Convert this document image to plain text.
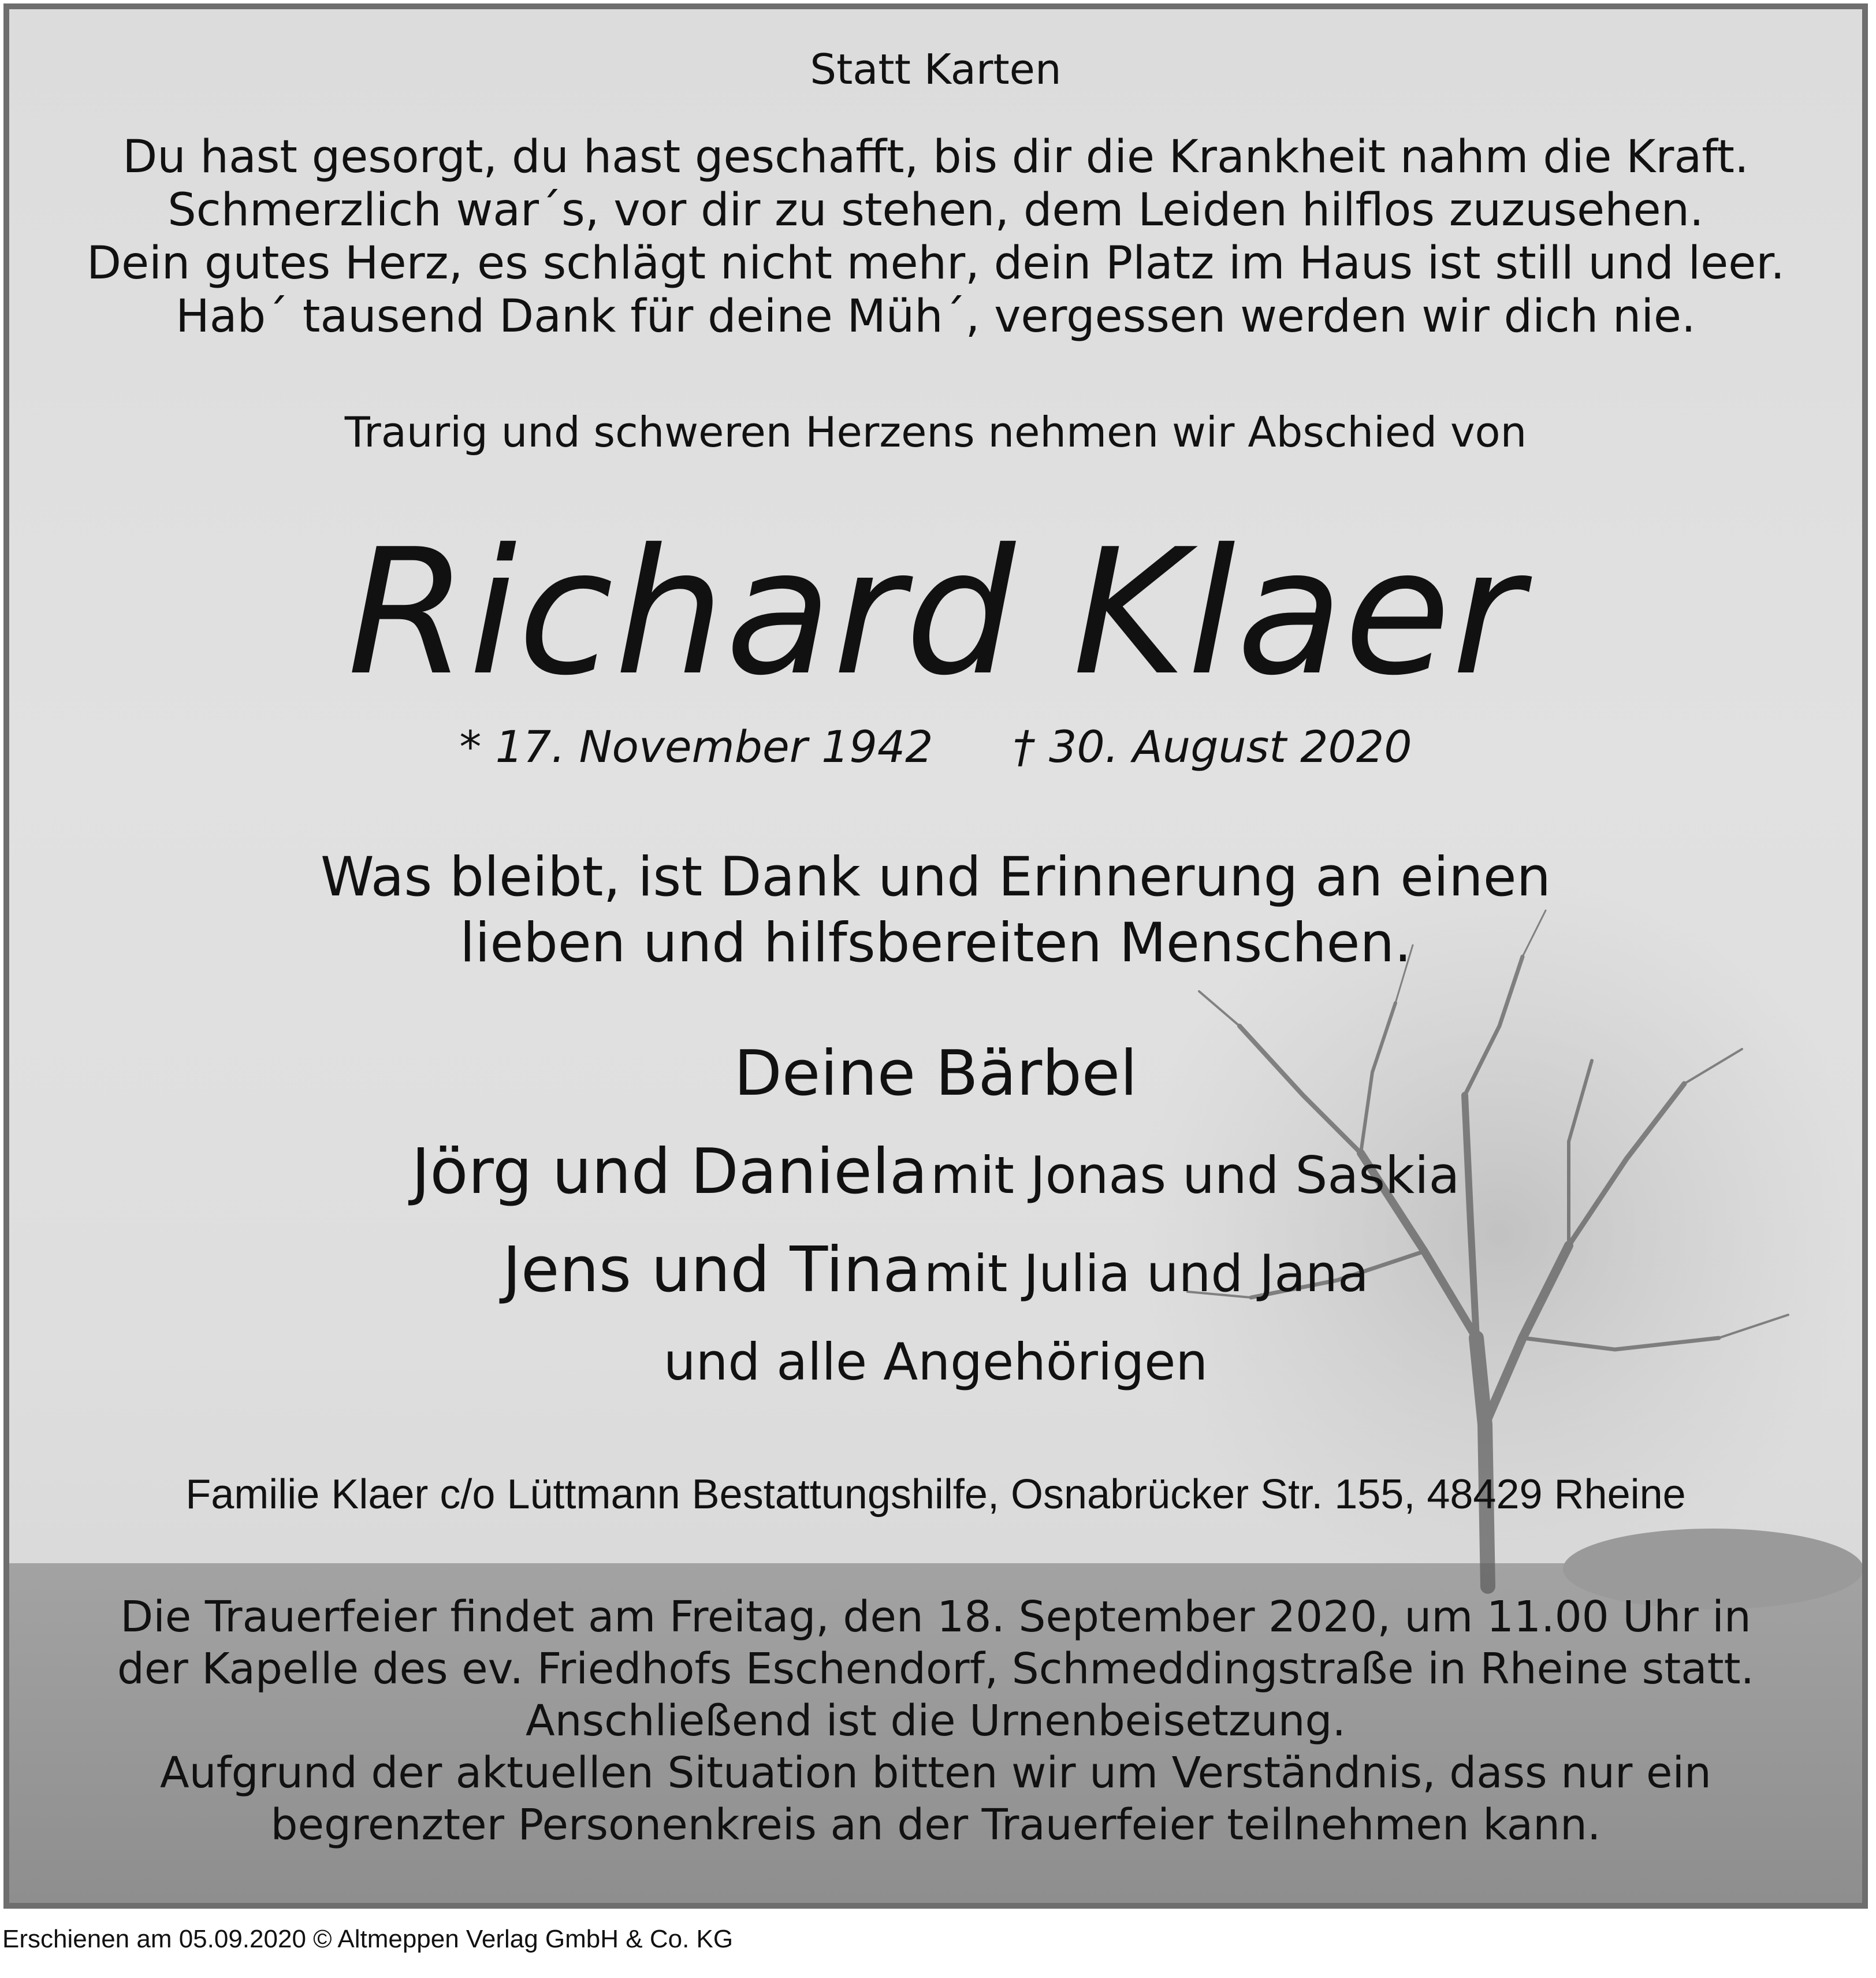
Statt Karten
Du hast gesorgt, du hast geschafft, bis dir die Krankheit nahm die Kraft.
Schmerzlich war´s, vor dir zu stehen, dem Leiden hilflos zuzusehen.
Dein gutes Herz, es schlägt nicht mehr, dein Platz im Haus ist still und leer.
Hab´ tausend Dank für deine Müh´, vergessen werden wir dich nie.
Traurig und schweren Herzens nehmen wir Abschied von
Richard Klaer
* 17. November 1942 † 30. August 2020
Was bleibt, ist Dank und Erinnerung an einen
lieben und hilfsbereiten Menschen.
Deine Bärbel
Jörg und Daniela mit Jonas und Saskia
Jens und Tina mit Julia und Jana
und alle Angehörigen
Familie Klaer c/o Lüttmann Bestattungshilfe, Osnabrücker Str. 155, 48429 Rheine
Die Trauerfeier findet am Freitag, den 18. September 2020, um 11.00 Uhr in
der Kapelle des ev. Friedhofs Eschendorf, Schmeddingstraße in Rheine statt.
Anschließend ist die Urnenbeisetzung.
Aufgrund der aktuellen Situation bitten wir um Verständnis, dass nur ein
begrenzter Personenkreis an der Trauerfeier teilnehmen kann.
Erschienen am 05.09.2020 © Altmeppen Verlag GmbH & Co. KG
